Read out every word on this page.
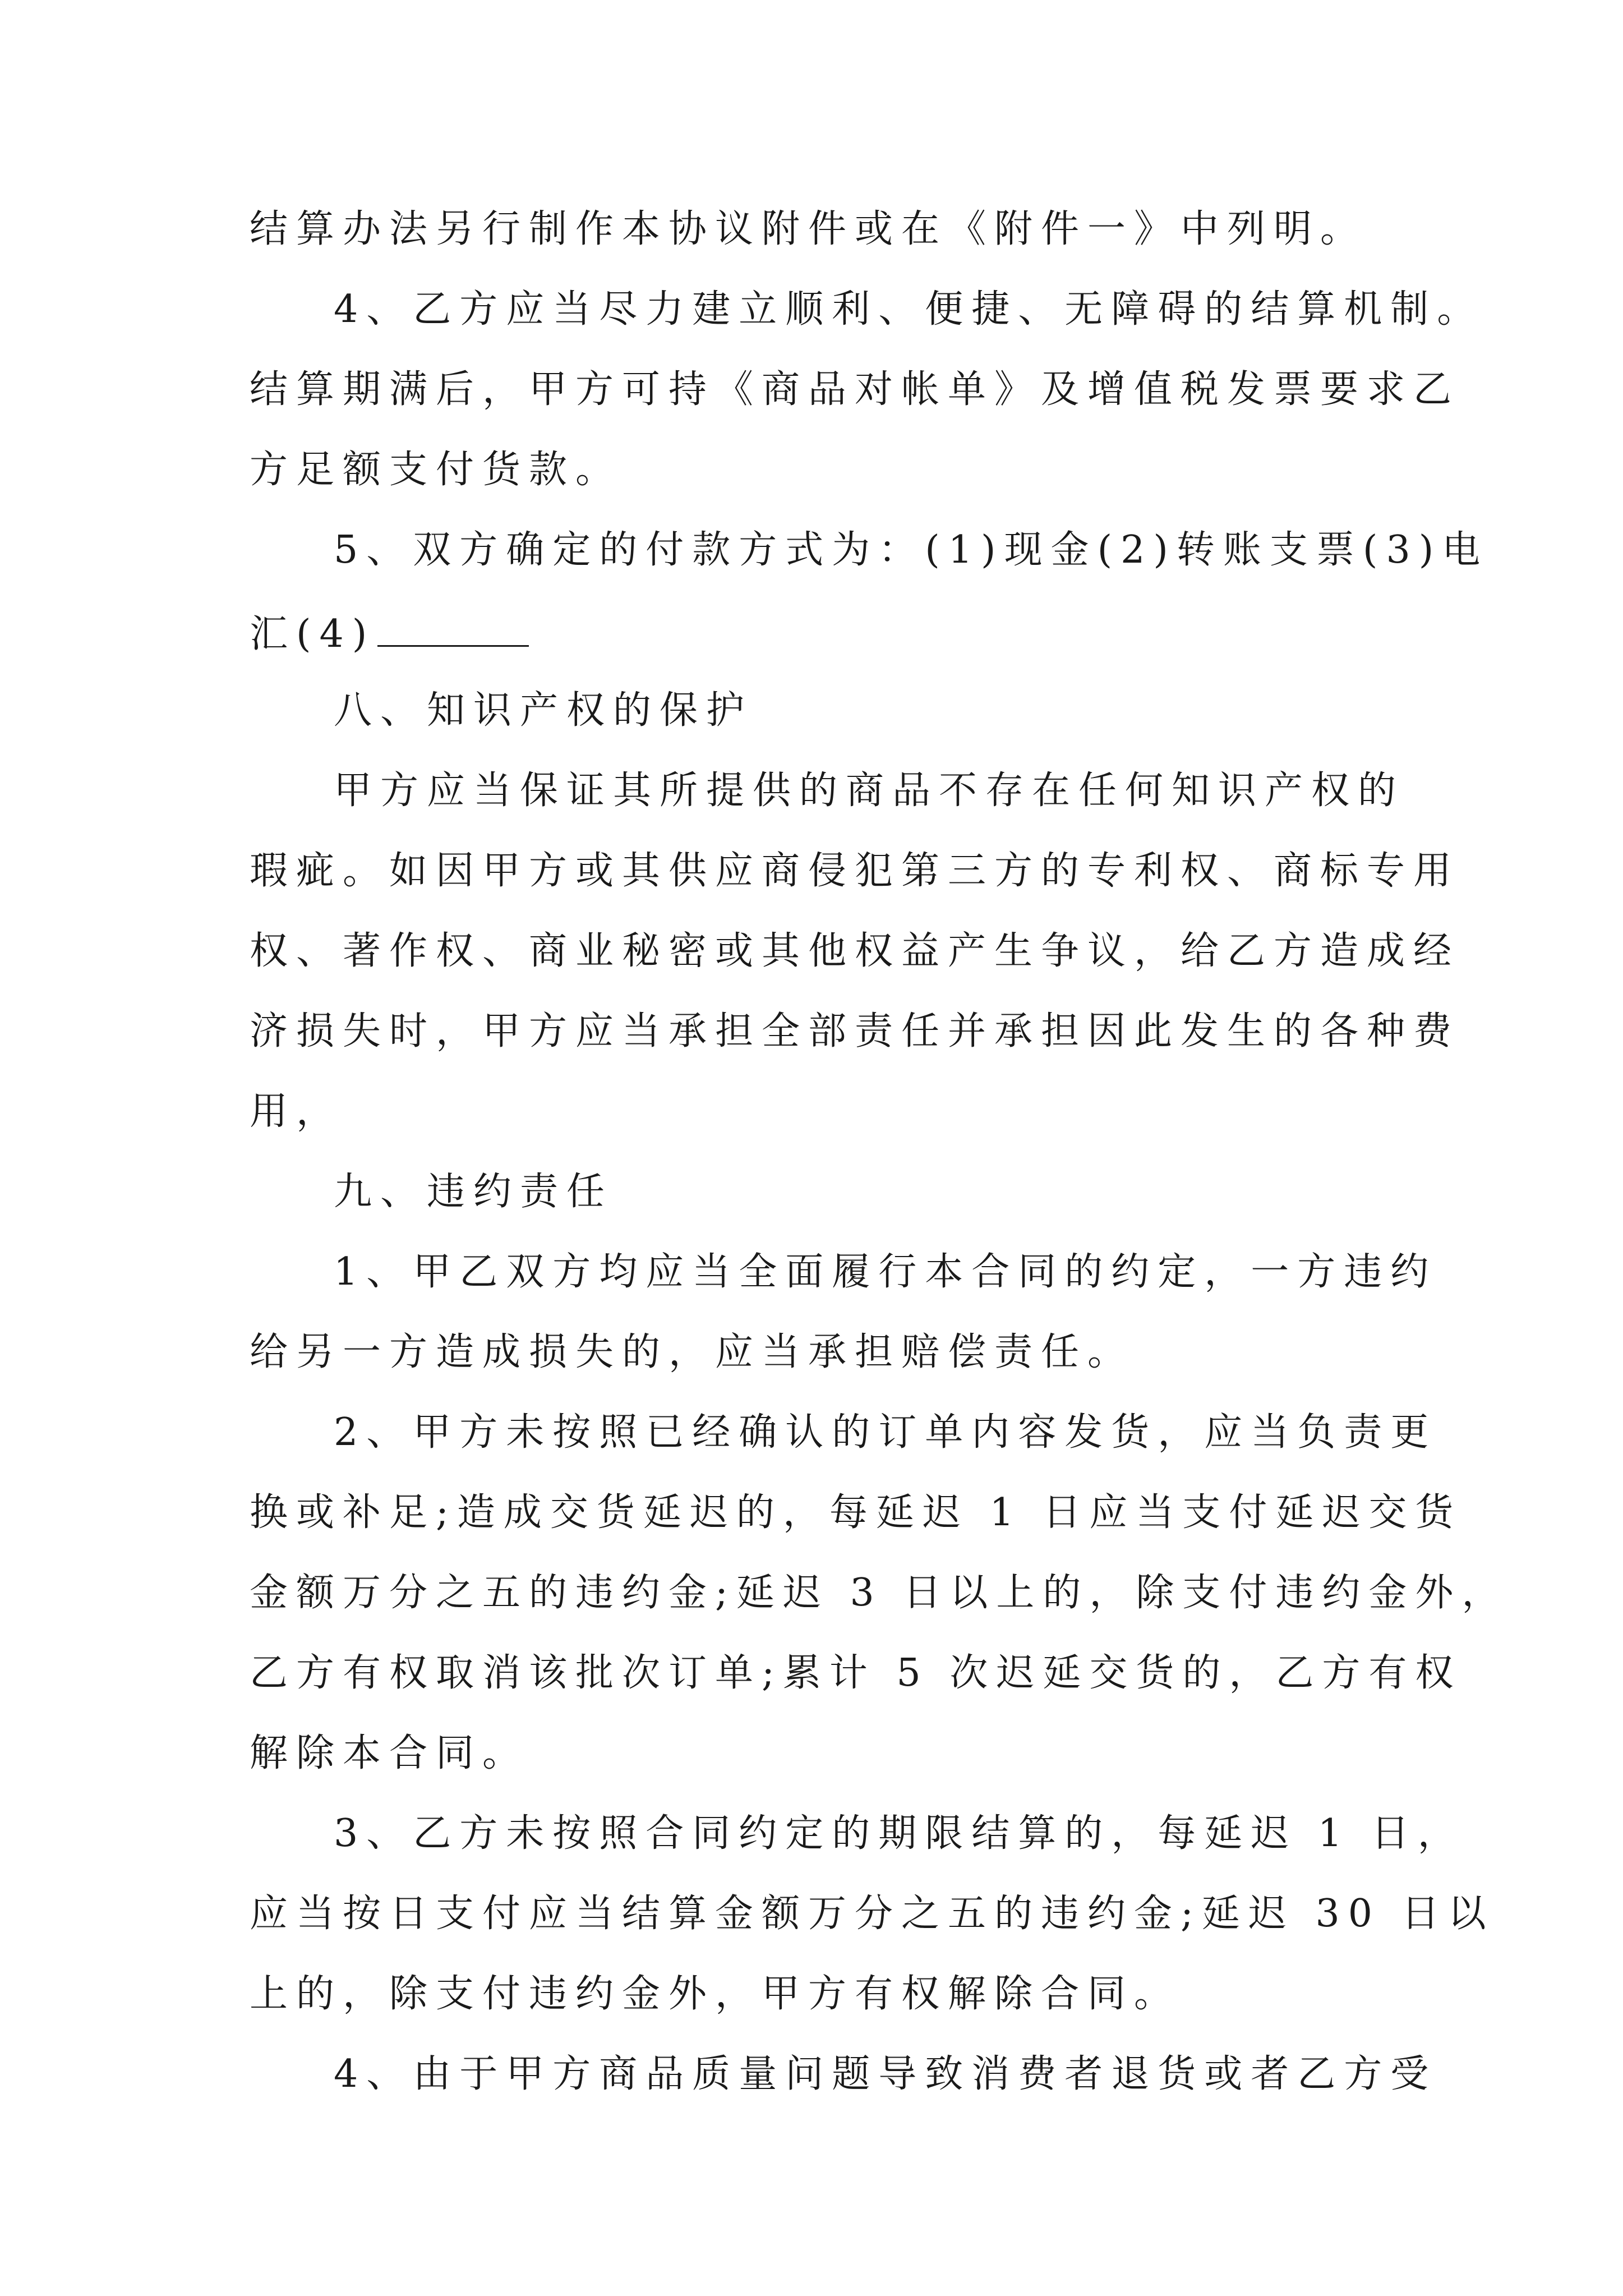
结算办法另行制作本协议附件或在《附件一》中列明。
4、乙方应当尽力建立顺利、便捷、无障碍的结算机制。
结算期满后，甲方可持《商品对帐单》及增值税发票要求乙
方足额支付货款。
5、双方确定的付款方式为：(1)现金(2)转账支票(3)电
汇(4)
八、知识产权的保护
甲方应当保证其所提供的商品不存在任何知识产权的
瑕疵。如因甲方或其供应商侵犯第三方的专利权、商标专用
权、著作权、商业秘密或其他权益产生争议，给乙方造成经
济损失时，甲方应当承担全部责任并承担因此发生的各种费
用，
九、违约责任
1、甲乙双方均应当全面履行本合同的约定，一方违约
给另一方造成损失的，应当承担赔偿责任。
2、甲方未按照已经确认的订单内容发货，应当负责更
换或补足;造成交货延迟的，每延迟 1 日应当支付延迟交货
金额万分之五的违约金;延迟 3 日以上的，除支付违约金外，
乙方有权取消该批次订单;累计 5 次迟延交货的，乙方有权
解除本合同。
3、乙方未按照合同约定的期限结算的，每延迟 1 日，
应当按日支付应当结算金额万分之五的违约金;延迟 30 日以
上的，除支付违约金外，甲方有权解除合同。
4、由于甲方商品质量问题导致消费者退货或者乙方受
